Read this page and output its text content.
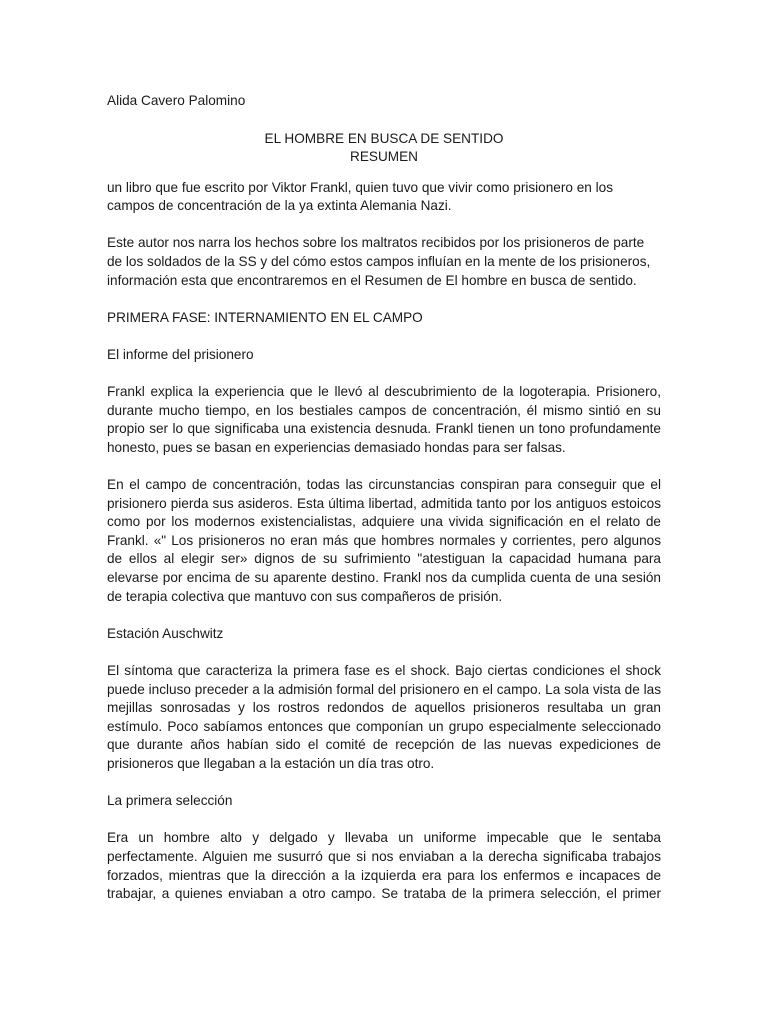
Alida Cavero Palomino

EL HOMBRE EN BUSCA DE SENTIDO
RESUMEN

un libro que fue escrito por Viktor Frankl, quien tuvo que vivir como prisionero en los campos de concentración de la ya extinta Alemania Nazi.

Este autor nos narra los hechos sobre los maltratos recibidos por los prisioneros de parte de los soldados de la SS y del cómo estos campos influían en la mente de los prisioneros, información esta que encontraremos en el Resumen de El hombre en busca de sentido.

PRIMERA FASE: INTERNAMIENTO EN EL CAMPO

El informe del prisionero

Frankl explica la experiencia que le llevó al descubrimiento de la logoterapia. Prisionero, durante mucho tiempo, en los bestiales campos de concentración, él mismo sintió en su propio ser lo que significaba una existencia desnuda. Frankl tienen un tono profundamente honesto, pues se basan en experiencias demasiado hondas para ser falsas.

En el campo de concentración, todas las circunstancias conspiran para conseguir que el prisionero pierda sus asideros. Esta última libertad, admitida tanto por los antiguos estoicos como por los modernos existencialistas, adquiere una vivida significación en el relato de Frankl. «" Los prisioneros no eran más que hombres normales y corrientes, pero algunos de ellos al elegir ser» dignos de su sufrimiento "atestiguan la capacidad humana para elevarse por encima de su aparente destino. Frankl nos da cumplida cuenta de una sesión de terapia colectiva que mantuvo con sus compañeros de prisión.

Estación Auschwitz

El síntoma que caracteriza la primera fase es el shock. Bajo ciertas condiciones el shock puede incluso preceder a la admisión formal del prisionero en el campo. La sola vista de las mejillas sonrosadas y los rostros redondos de aquellos prisioneros resultaba un gran estímulo. Poco sabíamos entonces que componían un grupo especialmente seleccionado que durante años habían sido el comité de recepción de las nuevas expediciones de prisioneros que llegaban a la estación un día tras otro.

La primera selección

Era un hombre alto y delgado y llevaba un uniforme impecable que le sentaba perfectamente. Alguien me susurró que si nos enviaban a la derecha significaba trabajos forzados, mientras que la dirección a la izquierda era para los enfermos e incapaces de trabajar, a quienes enviaban a otro campo. Se trataba de la primera selección, el primer
